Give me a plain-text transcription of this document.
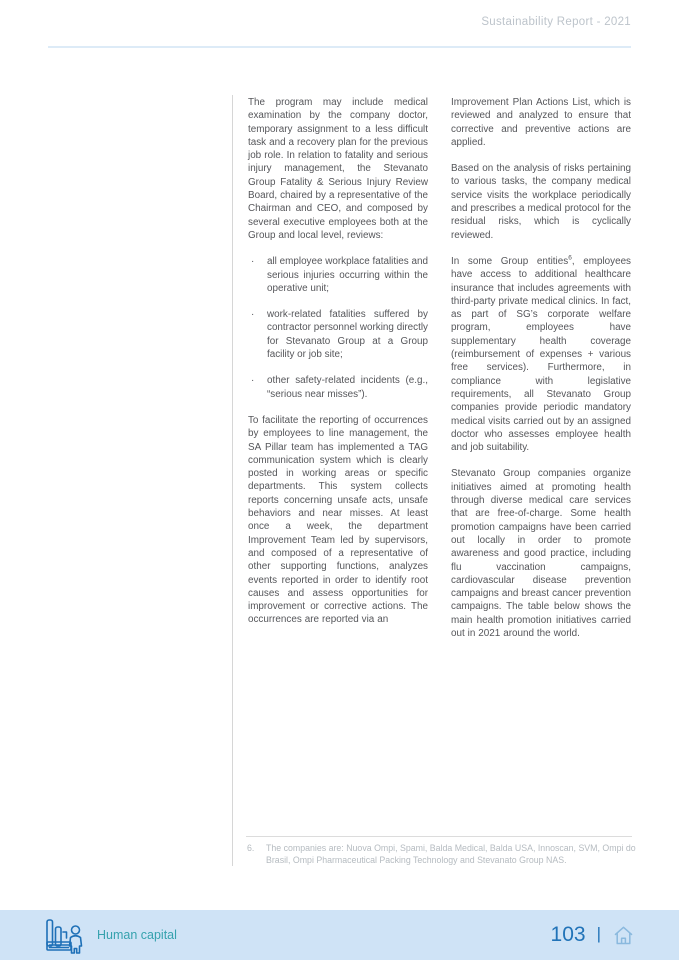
Sustainability Report - 2021

The program may include medical examination by the company doctor, temporary assignment to a less difficult task and a recovery plan for the previous job role. In relation to fatality and serious injury management, the Stevanato Group Fatality & Serious Injury Review Board, chaired by a representative of the Chairman and CEO, and composed by several executive employees both at the Group and local level, reviews:

·	all employee workplace fatalities and serious injuries occurring within the operative unit;
·	work-related fatalities suffered by contractor personnel working directly for Stevanato Group at a Group facility or job site;
·	other safety-related incidents (e.g., “serious near misses”).

To facilitate the reporting of occurrences by employees to line management, the SA Pillar team has implemented a TAG communication system which is clearly posted in working areas or specific departments. This system collects reports concerning unsafe acts, unsafe behaviors and near misses. At least once a week, the department Improvement Team led by supervisors, and composed of a representative of other supporting functions, analyzes events reported in order to identify root causes and assess opportunities for improvement or corrective actions. The occurrences are reported via an

Improvement Plan Actions List, which is reviewed and analyzed to ensure that corrective and preventive actions are applied.

Based on the analysis of risks pertaining to various tasks, the company medical service visits the workplace periodically and prescribes a medical protocol for the residual risks, which is cyclically reviewed.

In some Group entities$^6$, employees have access to additional healthcare insurance that includes agreements with third-party private medical clinics. In fact, as part of SG’s corporate welfare program, employees have supplementary health coverage (reimbursement of expenses + various free services). Furthermore, in compliance with legislative requirements, all Stevanato Group companies provide periodic mandatory medical visits carried out by an assigned doctor who assesses employee health and job suitability.

Stevanato Group companies organize initiatives aimed at promoting health through diverse medical care services that are free-of-charge. Some health promotion campaigns have been carried out locally in order to promote awareness and good practice, including flu vaccination campaigns, cardiovascular disease prevention campaigns and breast cancer prevention campaigns. The table below shows the main health promotion initiatives carried out in 2021 around the world.

6.	The companies are: Nuova Ompi, Spami, Balda Medical, Balda USA, Innoscan, SVM, Ompi do Brasil, Ompi Pharmaceutical Packing Technology and Stevanato Group NAS.
Human capital	103 |
